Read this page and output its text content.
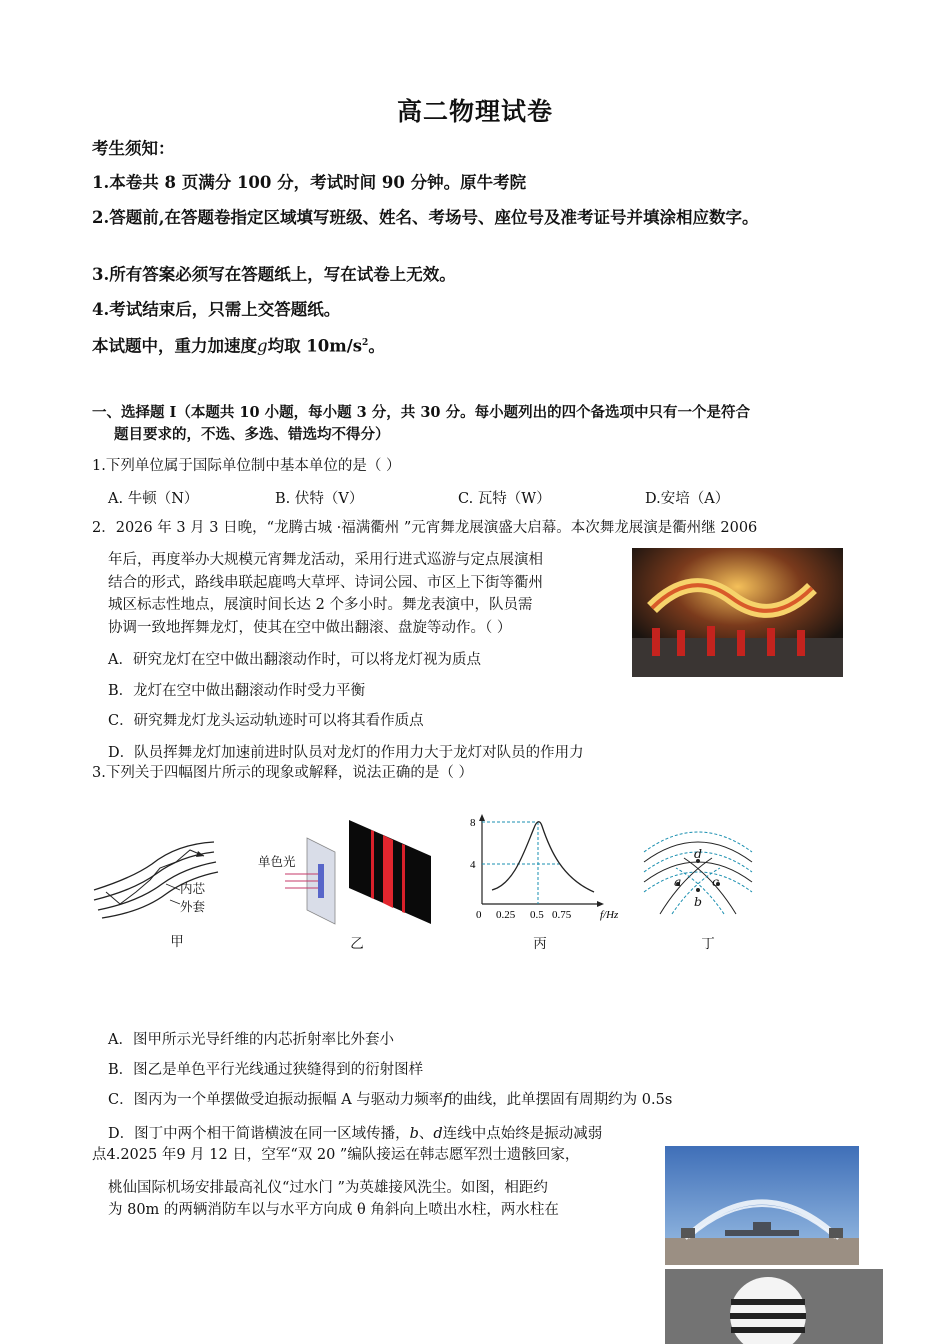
高二物理试卷
考生须知：
1.本卷共 8 页满分 100 分，考试时间 90 分钟。原牛考院
2.答题前,在答题卷指定区域填写班级、姓名、考场号、座位号及准考证号并填涂相应数字。
3.所有答案必须写在答题纸上，写在试卷上无效。
4.考试结束后，只需上交答题纸。
本试题中，重力加速度g均取 $10m/s^2$。
一、选择题 I（本题共 10 小题，每小题 3 分，共 30 分。每小题列出的四个备选项中只有一个是符合
题目要求的，不选、多选、错选均不得分）
1.下列单位属于国际单位制中基本单位的是（ ）
A. 牛顿（N）	B. 伏特（V）	C. 瓦特（W）	D.安培（A）
2．2026 年 3 月 3 日晚，“龙腾古城 ·福满衢州 ”元宵舞龙展演盛大启幕。本次舞龙展演是衢州继 2006
年后，再度举办大规模元宵舞龙活动，采用行进式巡游与定点展演相
结合的形式，路线串联起鹿鸣大草坪、诗词公园、市区上下街等衢州
城区标志性地点，展演时间长达 2 个多小时。舞龙表演中，队员需
协调一致地挥舞龙灯，使其在空中做出翻滚、盘旋等动作。（ ）
A．研究龙灯在空中做出翻滚动作时，可以将龙灯视为质点
B．龙灯在空中做出翻滚动作时受力平衡
C．研究舞龙灯龙头运动轨迹时可以将其看作质点
D．队员挥舞龙灯加速前进时队员对龙灯的作用力大于龙灯对队员的作用力
3.下列关于四幅图片所示的现象或解释，说法正确的是（ ）
内芯
外套
甲
单色光
乙
8
4
0 0.25 0.5 0.75	f/Hz
丙
d
a
b
c
丁
A．图甲所示光导纤维的内芯折射率比外套小
B．图乙是单色平行光线通过狭缝得到的衍射图样
C．图丙为一个单摆做受迫振动振幅 A 与驱动力频率f的曲线，此单摆固有周期约为 0.5s
D．图丁中两个相干简谐横波在同一区域传播，b、d连线中点始终是振动减弱
点4.2025 年9 月 12 日，空军“双 20 ”编队接运在韩志愿军烈士遗骸回家，
桃仙国际机场安排最高礼仪“过水门 ”为英雄接风洗尘。如图，相距约
为 80m 的两辆消防车以与水平方向成 θ 角斜向上喷出水柱，两水柱在
